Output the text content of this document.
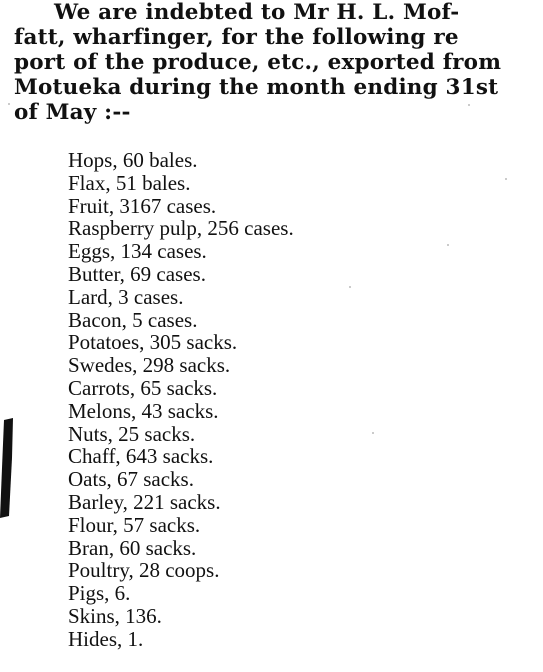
We are indebted to Mr H. L. Mof-
fatt, wharfinger, for the following re
port of the produce, etc., exported from
Motueka during the month ending 31st
of May :--
Hops, 60 bales.
Flax, 51 bales.
Fruit, 3167 cases.
Raspberry pulp, 256 cases.
Eggs, 134 cases.
Butter, 69 cases.
Lard, 3 cases.
Bacon, 5 cases.
Potatoes, 305 sacks.
Swedes, 298 sacks.
Carrots, 65 sacks.
Melons, 43 sacks.
Nuts, 25 sacks.
Chaff, 643 sacks.
Oats, 67 sacks.
Barley, 221 sacks.
Flour, 57 sacks.
Bran, 60 sacks.
Poultry, 28 coops.
Pigs, 6.
Skins, 136.
Hides, 1.
